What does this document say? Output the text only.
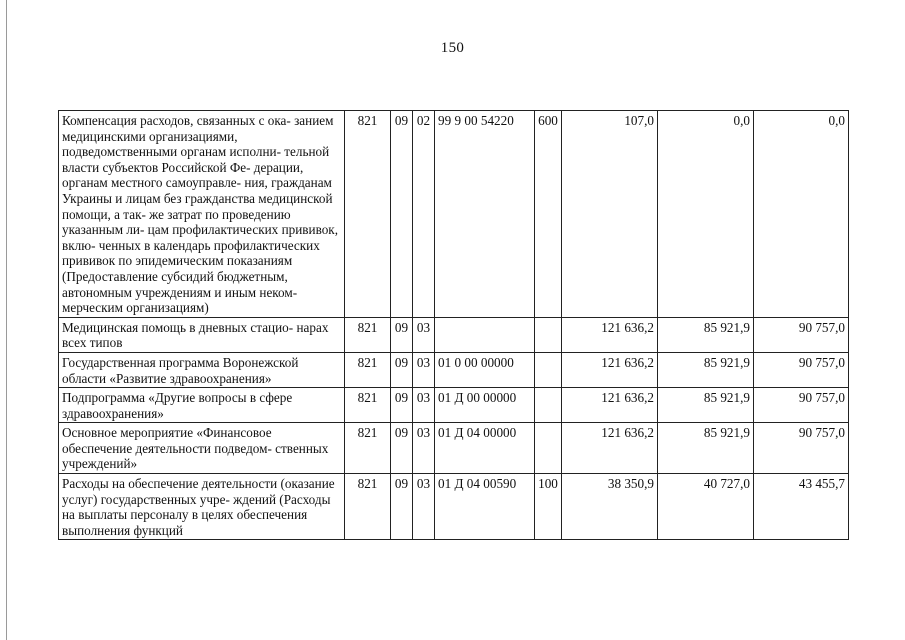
150
Компенсация расходов, связанных с ока- занием медицинскими организациями, подведомственными органам исполни- тельной власти субъектов Российской Фе- дерации, органам местного самоуправле- ния, гражданам Украины и лицам без гражданства медицинской помощи, а так- же затрат по проведению указанным ли- цам профилактических прививок, вклю- ченных в календарь профилактических прививок по эпидемическим показаниям (Предоставление субсидий бюджетным, автономным учреждениям и иным неком- мерческим организациям)	821	09	02	99 9 00 54220	600	107,0	0,0	0,0
Медицинская помощь в дневных стацио- нарах всех типов	821	09	03			121 636,2	85 921,9	90 757,0
Государственная программа Воронежской области «Развитие здравоохранения»	821	09	03	01 0 00 00000		121 636,2	85 921,9	90 757,0
Подпрограмма «Другие вопросы в сфере здравоохранения»	821	09	03	01 Д 00 00000		121 636,2	85 921,9	90 757,0
Основное мероприятие «Финансовое обеспечение деятельности подведом- ственных учреждений»	821	09	03	01 Д 04 00000		121 636,2	85 921,9	90 757,0
Расходы на обеспечение деятельности (оказание услуг) государственных учре- ждений (Расходы на выплаты персоналу в целях обеспечения выполнения функций	821	09	03	01 Д 04 00590	100	38 350,9	40 727,0	43 455,7
